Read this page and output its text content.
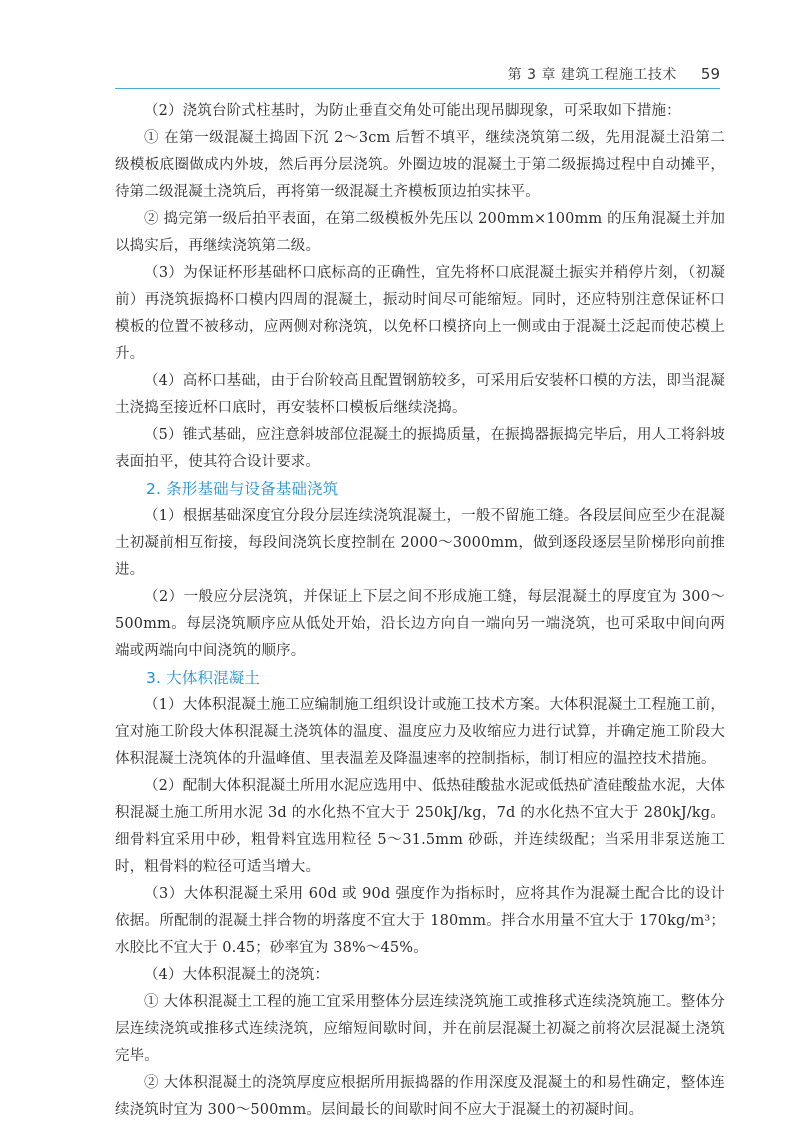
第 3 章 建筑工程施工技术 59

（2）浇筑台阶式柱基时，为防止垂直交角处可能出现吊脚现象，可采取如下措施：

① 在第一级混凝土捣固下沉 2～3cm 后暂不填平，继续浇筑第二级，先用混凝土沿第二级模板底圈做成内外坡，然后再分层浇筑。外圈边坡的混凝土于第二级振捣过程中自动摊平，待第二级混凝土浇筑后，再将第一级混凝土齐模板顶边拍实抹平。

② 捣完第一级后拍平表面，在第二级模板外先压以 200mm×100mm 的压角混凝土并加以捣实后，再继续浇筑第二级。

（3）为保证杯形基础杯口底标高的正确性，宜先将杯口底混凝土振实并稍停片刻，（初凝前）再浇筑振捣杯口模内四周的混凝土，振动时间尽可能缩短。同时，还应特别注意保证杯口模板的位置不被移动，应两侧对称浇筑，以免杯口模挤向上一侧或由于混凝土泛起而使芯模上升。

（4）高杯口基础，由于台阶较高且配置钢筋较多，可采用后安装杯口模的方法，即当混凝土浇捣至接近杯口底时，再安装杯口模板后继续浇捣。

（5）锥式基础，应注意斜坡部位混凝土的振捣质量，在振捣器振捣完毕后，用人工将斜坡表面拍平，使其符合设计要求。

2. 条形基础与设备基础浇筑

（1）根据基础深度宜分段分层连续浇筑混凝土，一般不留施工缝。各段层间应至少在混凝土初凝前相互衔接，每段间浇筑长度控制在 2000～3000mm，做到逐段逐层呈阶梯形向前推进。

（2）一般应分层浇筑，并保证上下层之间不形成施工缝，每层混凝土的厚度宜为 300～500mm。每层浇筑顺序应从低处开始，沿长边方向自一端向另一端浇筑，也可采取中间向两端或两端向中间浇筑的顺序。

3. 大体积混凝土

（1）大体积混凝土施工应编制施工组织设计或施工技术方案。大体积混凝土工程施工前，宜对施工阶段大体积混凝土浇筑体的温度、温度应力及收缩应力进行试算，并确定施工阶段大体积混凝土浇筑体的升温峰值、里表温差及降温速率的控制指标，制订相应的温控技术措施。

（2）配制大体积混凝土所用水泥应选用中、低热硅酸盐水泥或低热矿渣硅酸盐水泥，大体积混凝土施工所用水泥 3d 的水化热不宜大于 250kJ/kg，7d 的水化热不宜大于 280kJ/kg。细骨料宜采用中砂，粗骨料宜选用粒径 5～31.5mm 砂砾，并连续级配；当采用非泵送施工时，粗骨料的粒径可适当增大。

（3）大体积混凝土采用 60d 或 90d 强度作为指标时，应将其作为混凝土配合比的设计依据。所配制的混凝土拌合物的坍落度不宜大于 180mm。拌合水用量不宜大于 170kg/m³；水胶比不宜大于 0.45；砂率宜为 38%～45%。

（4）大体积混凝土的浇筑：

① 大体积混凝土工程的施工宜采用整体分层连续浇筑施工或推移式连续浇筑施工。整体分层连续浇筑或推移式连续浇筑，应缩短间歇时间，并在前层混凝土初凝之前将次层混凝土浇筑完毕。

② 大体积混凝土的浇筑厚度应根据所用振捣器的作用深度及混凝土的和易性确定，整体连续浇筑时宜为 300～500mm。层间最长的间歇时间不应大于混凝土的初凝时间。
